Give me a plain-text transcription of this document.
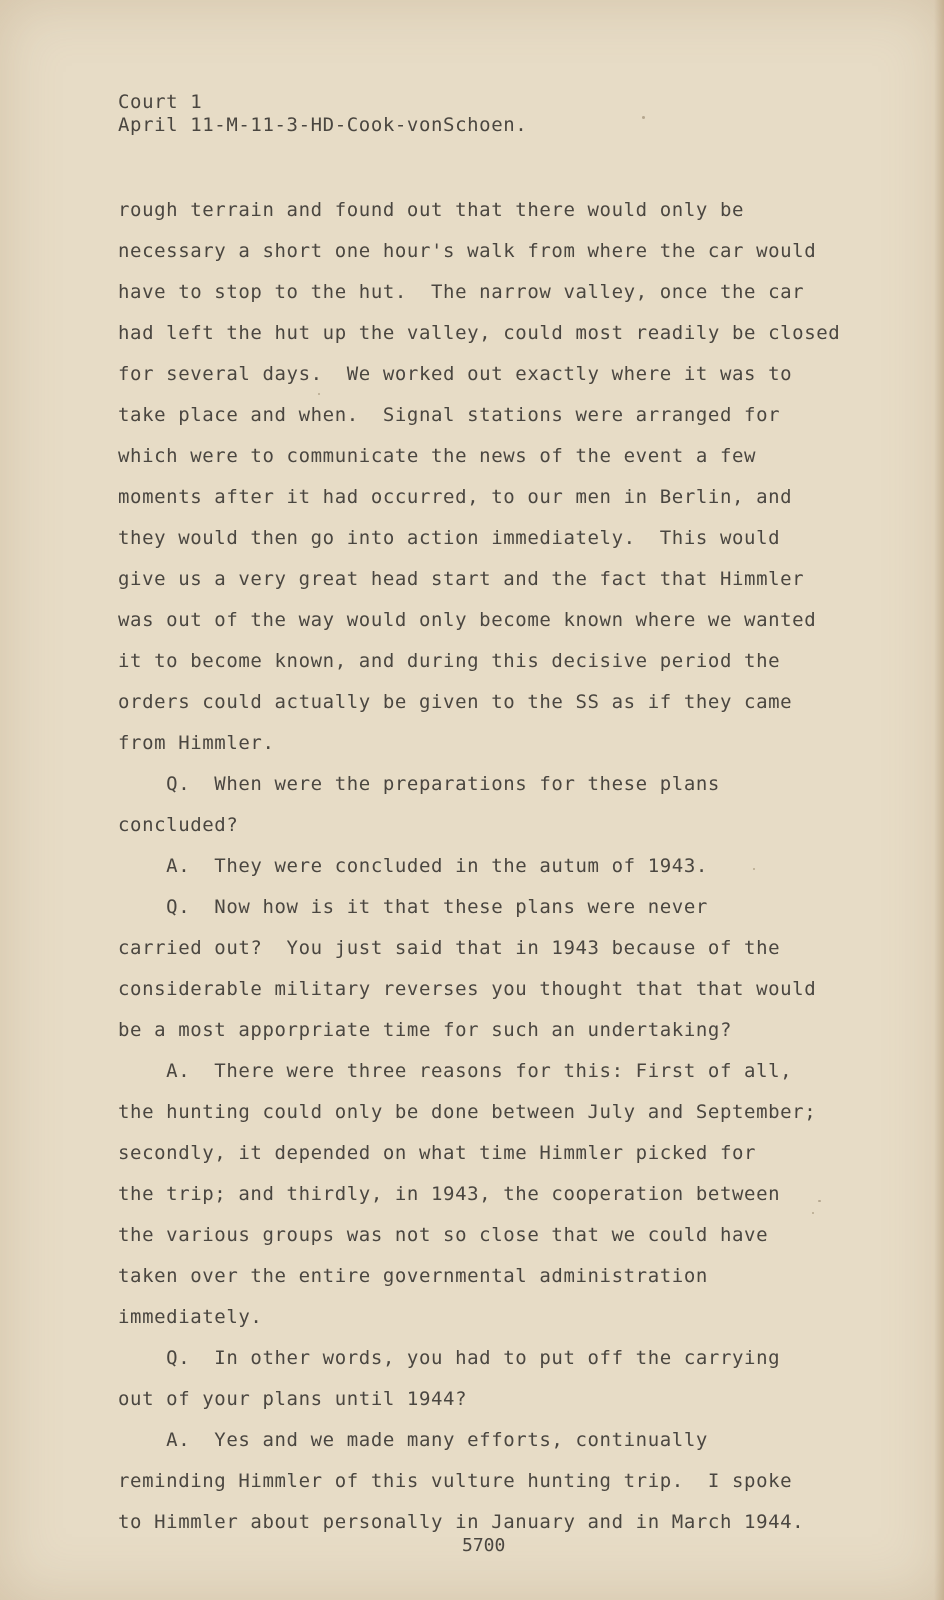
Court 1
April 11-M-11-3-HD-Cook-vonSchoen.
rough terrain and found out that there would only be
necessary a short one hour's walk from where the car would
have to stop to the hut.  The narrow valley, once the car
had left the hut up the valley, could most readily be closed
for several days.  We worked out exactly where it was to
take place and when.  Signal stations were arranged for
which were to communicate the news of the event a few
moments after it had occurred, to our men in Berlin, and
they would then go into action immediately.  This would
give us a very great head start and the fact that Himmler
was out of the way would only become known where we wanted
it to become known, and during this decisive period the
orders could actually be given to the SS as if they came
from Himmler.
Q.  When were the preparations for these plans
concluded?
A.  They were concluded in the autum of 1943.
Q.  Now how is it that these plans were never
carried out?  You just said that in 1943 because of the
considerable military reverses you thought that that would
be a most apporpriate time for such an undertaking?
A.  There were three reasons for this: First of all,
the hunting could only be done between July and September;
secondly, it depended on what time Himmler picked for
the trip; and thirdly, in 1943, the cooperation between
the various groups was not so close that we could have
taken over the entire governmental administration
immediately.
Q.  In other words, you had to put off the carrying
out of your plans until 1944?
A.  Yes and we made many efforts, continually
reminding Himmler of this vulture hunting trip.  I spoke
to Himmler about personally in January and in March 1944.
5700
